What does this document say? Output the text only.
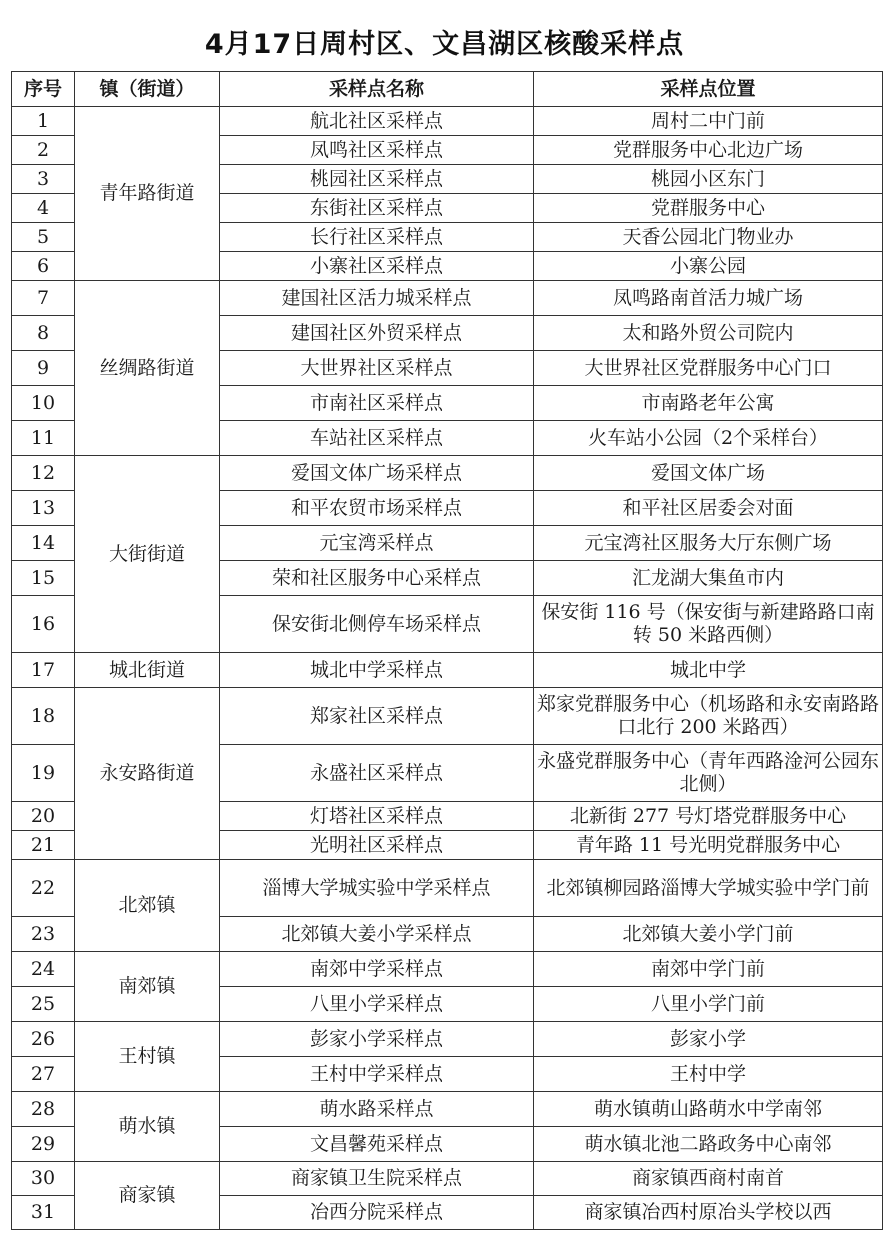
4月17日周村区、文昌湖区核酸采样点
序号	镇（街道）	采样点名称	采样点位置
1	青年路街道	航北社区采样点	周村二中门前
2		凤鸣社区采样点	党群服务中心北边广场
3		桃园社区采样点	桃园小区东门
4		东街社区采样点	党群服务中心
5		长行社区采样点	天香公园北门物业办
6		小寨社区采样点	小寨公园
7	丝绸路街道	建国社区活力城采样点	凤鸣路南首活力城广场
8		建国社区外贸采样点	太和路外贸公司院内
9		大世界社区采样点	大世界社区党群服务中心门口
10		市南社区采样点	市南路老年公寓
11		车站社区采样点	火车站小公园（2个采样台）
12	大街街道	爱国文体广场采样点	爱国文体广场
13		和平农贸市场采样点	和平社区居委会对面
14		元宝湾采样点	元宝湾社区服务大厅东侧广场
15		荣和社区服务中心采样点	汇龙湖大集鱼市内
16		保安街北侧停车场采样点	保安街 116 号（保安街与新建路路口南转 50 米路西侧）
17	城北街道	城北中学采样点	城北中学
18	永安路街道	郑家社区采样点	郑家党群服务中心（机场路和永安南路路口北行 200 米路西）
19		永盛社区采样点	永盛党群服务中心（青年西路淦河公园东北侧）
20		灯塔社区采样点	北新街 277 号灯塔党群服务中心
21		光明社区采样点	青年路 11 号光明党群服务中心
22	北郊镇	淄博大学城实验中学采样点	北郊镇柳园路淄博大学城实验中学门前
23		北郊镇大姜小学采样点	北郊镇大姜小学门前
24	南郊镇	南郊中学采样点	南郊中学门前
25		八里小学采样点	八里小学门前
26	王村镇	彭家小学采样点	彭家小学
27		王村中学采样点	王村中学
28	萌水镇	萌水路采样点	萌水镇萌山路萌水中学南邻
29		文昌馨苑采样点	萌水镇北池二路政务中心南邻
30	商家镇	商家镇卫生院采样点	商家镇西商村南首
31		冶西分院采样点	商家镇冶西村原冶头学校以西
